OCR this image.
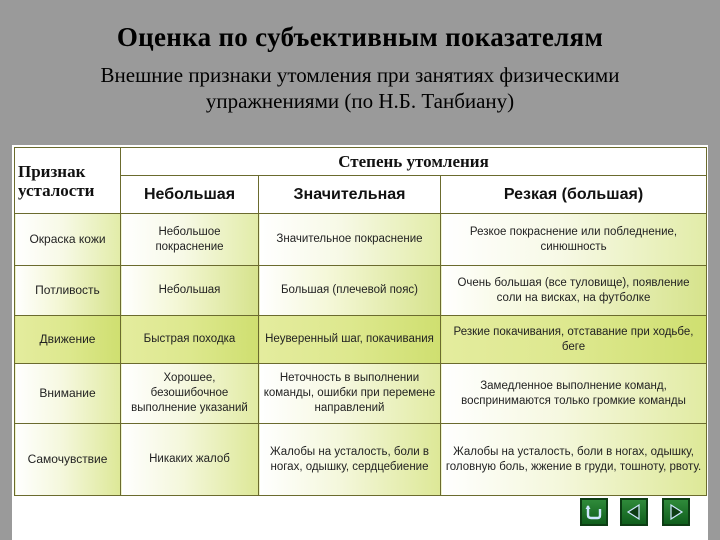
Оценка по субъективным показателям
Внешние признаки утомления при занятиях физическими
упражнениями (по Н.Б. Танбиану)
Признак
усталости	Степень утомления		
	Небольшая	Значительная	Резкая (большая)
Окраска кожи	Небольшое покраснение	Значительное покраснение	Резкое покраснение или побледнение, синюшность
Потливость	Небольшая	Большая (плечевой пояс)	Очень большая (все туловище), появление соли на висках, на футболке
Движение	Быстрая походка	Неуверенный шаг, покачивания	Резкие покачивания, отставание при ходьбе, беге
Внимание	Хорошее, безошибочное выполнение указаний	Неточность в выполнении команды, ошибки при перемене направлений	Замедленное выполнение команд, воспринимаются только громкие команды
Самочувствие	Никаких жалоб	Жалобы на усталость, боли в ногах, одышку, сердцебиение	Жалобы на усталость, боли в ногах, одышку, головную боль, жжение в груди, тошноту, рвоту.
